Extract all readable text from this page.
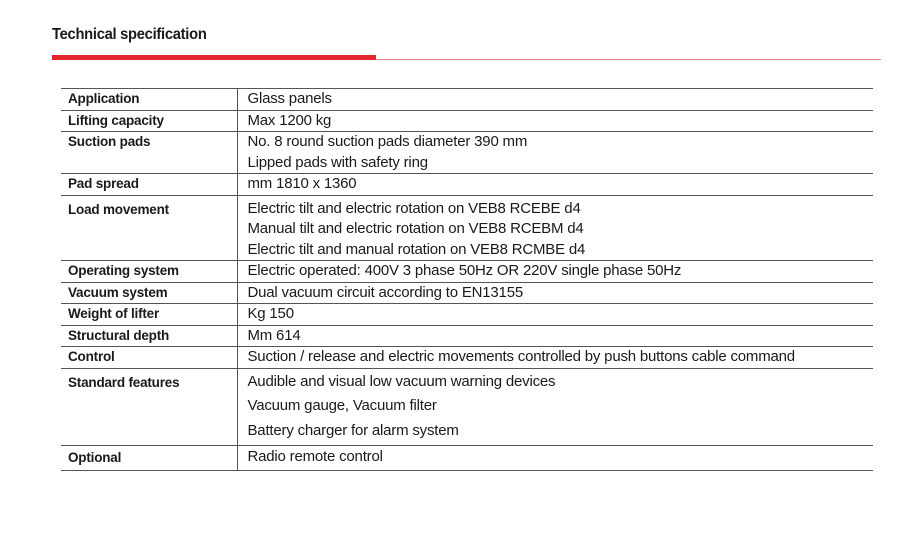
Technical specification
Application	Glass panels

Lifting capacity	Max 1200 kg

Suction pads	No. 8 round suction pads diameter 390 mm
Lipped pads with safety ring

Pad spread	mm 1810 x 1360

Load movement	Electric tilt and electric rotation on VEB8 RCEBE d4
Manual tilt and electric rotation on VEB8 RCEBM d4
Electric tilt and manual rotation on VEB8 RCMBE d4

Operating system	Electric operated: 400V 3 phase 50Hz OR 220V single phase 50Hz

Vacuum system	Dual vacuum circuit according to EN13155

Weight of lifter	Kg 150

Structural depth	Mm 614

Control	Suction / release and electric movements controlled by push buttons cable command

Standard features	Audible and visual low vacuum warning devices
Vacuum gauge, Vacuum filter
Battery charger for alarm system

Optional	Radio remote control
